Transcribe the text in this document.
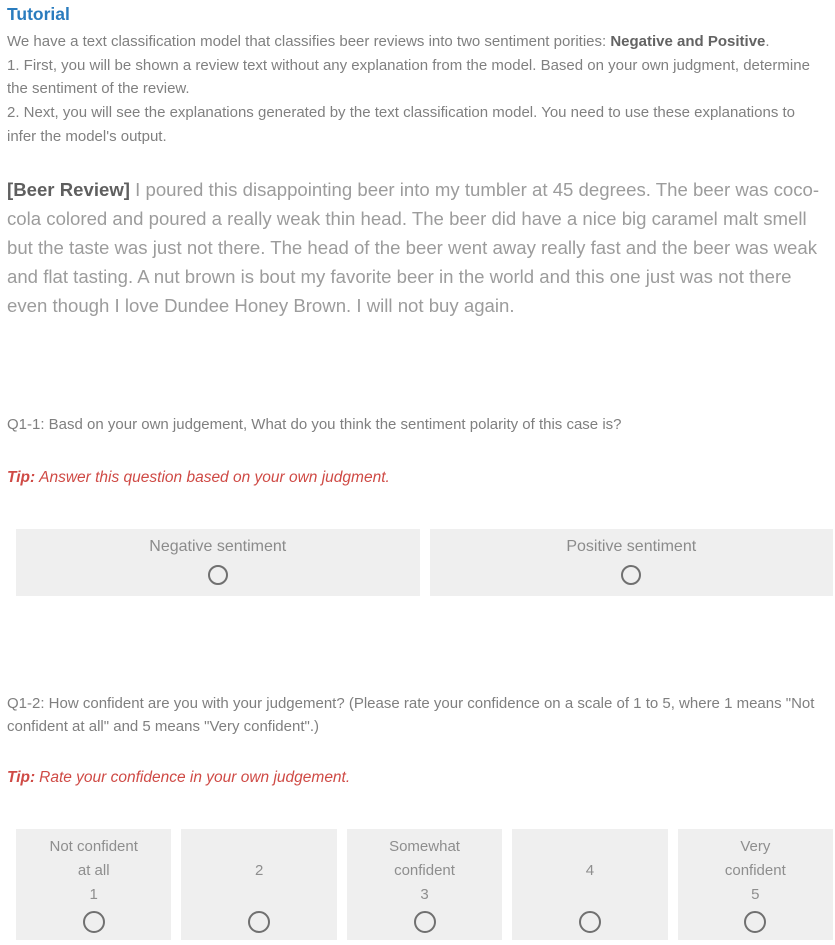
Tutorial

We have a text classification model that classifies beer reviews into two sentiment porities: Negative and Positive.

1. First, you will be shown a review text without any explanation from the model. Based on your own judgment, determine the sentiment of the review.

2. Next, you will see the explanations generated by the text classification model. You need to use these explanations to infer the model's output.

[Beer Review] I poured this disappointing beer into my tumbler at 45 degrees. The beer was coco-cola colored and poured a really weak thin head. The beer did have a nice big caramel malt smell but the taste was just not there. The head of the beer went away really fast and the beer was weak and flat tasting. A nut brown is bout my favorite beer in the world and this one just was not there even though I love Dundee Honey Brown. I will not buy again.

Q1-1: Basd on your own judgement, What do you think the sentiment polarity of this case is?

Tip: Answer this question based on your own judgment.

Negative sentiment	Positive sentiment

Q1-2: How confident are you with your judgement? (Please rate your confidence on a scale of 1 to 5, where 1 means "Not confident at all" and 5 means "Very confident".)

Tip: Rate your confidence in your own judgement.

Not confident
at all
1
2
Somewhat
confident
3
4
Very
confident
5
